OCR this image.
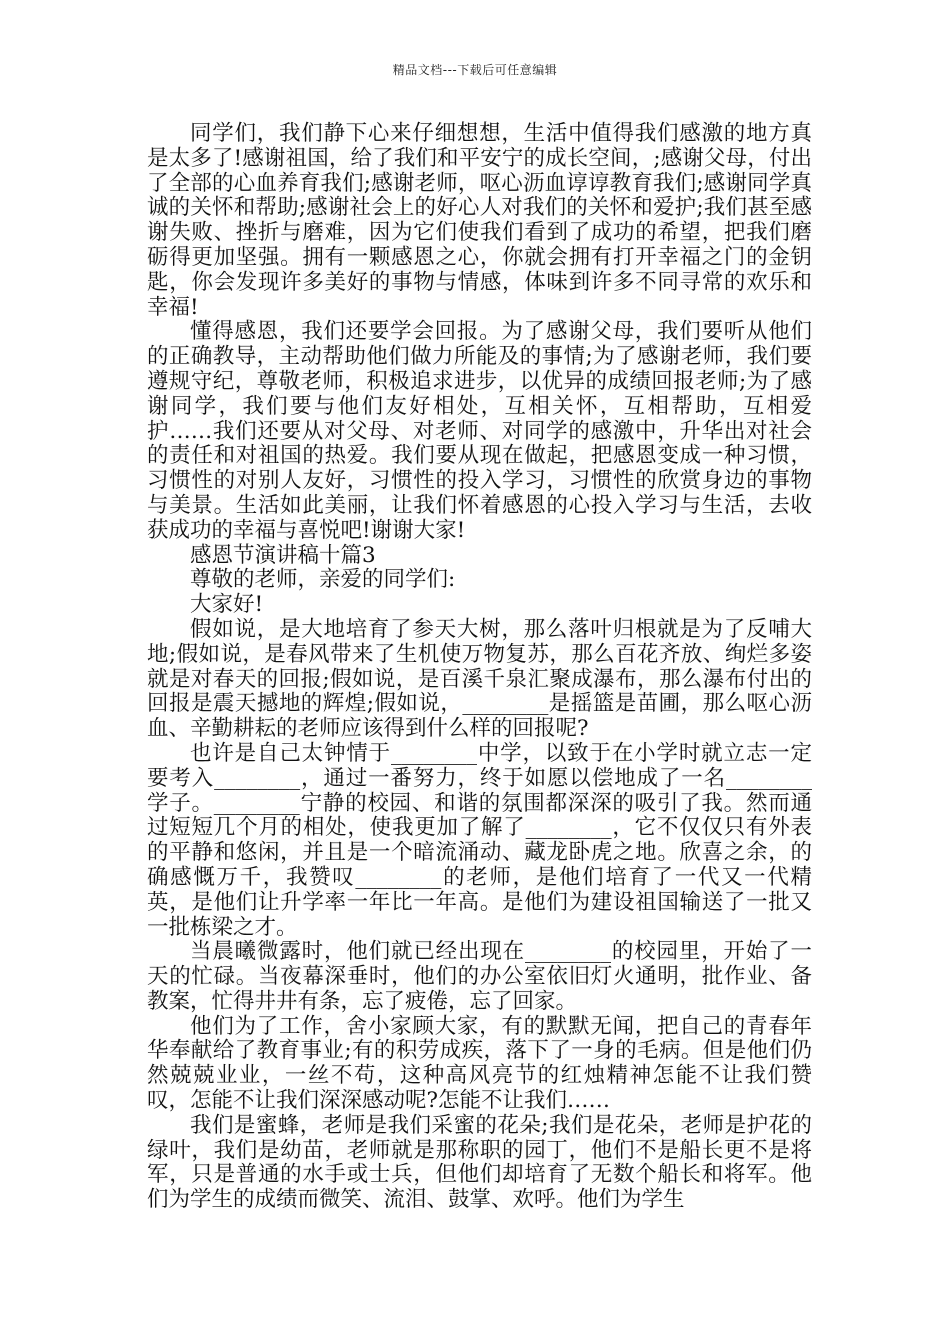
精品文档---下载后可任意编辑

同学们，我们静下心来仔细想想，生活中值得我们感激的地方真是太多了!感谢祖国，给了我们和平安宁的成长空间，;感谢父母，付出了全部的心血养育我们;感谢老师，呕心沥血谆谆教育我们;感谢同学真诚的关怀和帮助;感谢社会上的好心人对我们的关怀和爱护;我们甚至感谢失败、挫折与磨难，因为它们使我们看到了成功的希望，把我们磨砺得更加坚强。拥有一颗感恩之心，你就会拥有打开幸福之门的金钥匙，你会发现许多美好的事物与情感，体味到许多不同寻常的欢乐和幸福!

懂得感恩，我们还要学会回报。为了感谢父母，我们要听从他们的正确教导，主动帮助他们做力所能及的事情;为了感谢老师，我们要遵规守纪，尊敬老师，积极追求进步，以优异的成绩回报老师;为了感谢同学，我们要与他们友好相处，互相关怀，互相帮助，互相爱护……我们还要从对父母、对老师、对同学的感激中，升华出对社会的责任和对祖国的热爱。我们要从现在做起，把感恩变成一种习惯，习惯性的对别人友好，习惯性的投入学习，习惯性的欣赏身边的事物与美景。生活如此美丽，让我们怀着感恩的心投入学习与生活，去收获成功的幸福与喜悦吧!谢谢大家!

感恩节演讲稿十篇3

尊敬的老师，亲爱的同学们:

大家好!

假如说，是大地培育了参天大树，那么落叶归根就是为了反哺大地;假如说，是春风带来了生机使万物复苏，那么百花齐放、绚烂多姿就是对春天的回报;假如说，是百溪千泉汇聚成瀑布，那么瀑布付出的回报是震天撼地的辉煌;假如说，________是摇篮是苗圃，那么呕心沥血、辛勤耕耘的老师应该得到什么样的回报呢?

也许是自己太钟情于________中学，以致于在小学时就立志一定要考入________，通过一番努力，终于如愿以偿地成了一名________学子。________宁静的校园、和谐的氛围都深深的吸引了我。然而通过短短几个月的相处，使我更加了解了________，它不仅仅只有外表的平静和悠闲，并且是一个暗流涌动、藏龙卧虎之地。欣喜之余，的确感慨万千，我赞叹________的老师，是他们培育了一代又一代精英，是他们让升学率一年比一年高。是他们为建设祖国输送了一批又一批栋梁之才。

当晨曦微露时，他们就已经出现在________的校园里，开始了一天的忙碌。当夜幕深垂时，他们的办公室依旧灯火通明，批作业、备教案，忙得井井有条，忘了疲倦，忘了回家。

他们为了工作，舍小家顾大家，有的默默无闻，把自己的青春年华奉献给了教育事业;有的积劳成疾，落下了一身的毛病。但是他们仍然兢兢业业，一丝不苟，这种高风亮节的红烛精神怎能不让我们赞叹，怎能不让我们深深感动呢?怎能不让我们……

我们是蜜蜂，老师是我们采蜜的花朵;我们是花朵，老师是护花的绿叶，我们是幼苗，老师就是那称职的园丁，他们不是船长更不是将军，只是普通的水手或士兵，但他们却培育了无数个船长和将军。他们为学生的成绩而微笑、流泪、鼓掌、欢呼。他们为学生
